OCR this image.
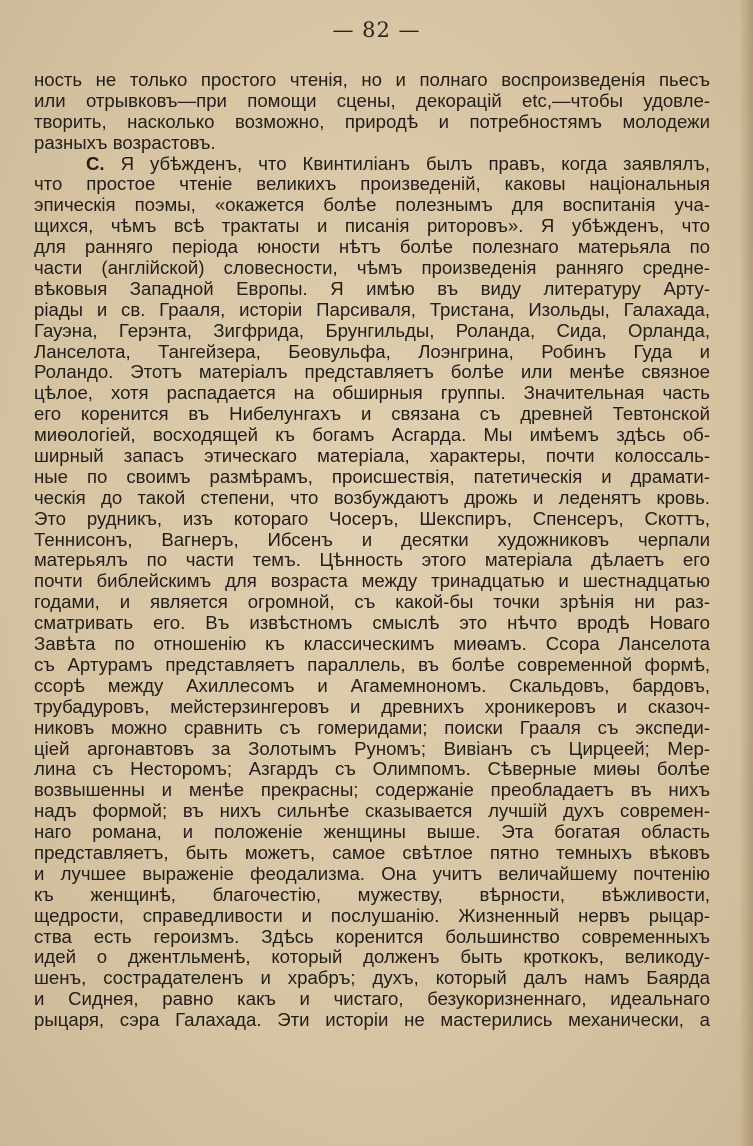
— 82 —
ность не только простого чтенія, но и полнаго воспроизведенія пьесъ
или отрывковъ—при помощи сцены, декорацій etc,—чтобы удовле-
творить, насколько возможно, природѣ и потребностямъ молодежи
разныхъ возрастовъ.
С. Я убѣжденъ, что Квинтиліанъ былъ правъ, когда заявлялъ,
что простое чтеніе великихъ произведеній, каковы національныя
эпическія поэмы, «окажется болѣе полезнымъ для воспитанія уча-
щихся, чѣмъ всѣ трактаты и писанія риторовъ». Я убѣжденъ, что
для ранняго періода юности нѣтъ болѣе полезнаго матерьяла по
части (англійской) словесности, чѣмъ произведенія ранняго средне-
вѣковыя Западной Европы. Я имѣю въ виду литературу Арту-
ріады и св. Грааля, исторіи Парсиваля, Тристана, Изольды, Галахада,
Гауэна, Герэнта, Зигфрида, Брунгильды, Роланда, Сида, Орланда,
Ланселота, Тангейзера, Беовульфа, Лоэнгрина, Робинъ Гуда и
Роландо. Этотъ матеріалъ представляетъ болѣе или менѣе связное
цѣлое, хотя распадается на обширныя группы. Значительная часть
его коренится въ Нибелунгахъ и связана съ древней Тевтонской
миѳологіей, восходящей къ богамъ Асгарда. Мы имѣемъ здѣсь об-
ширный запасъ этическаго матеріала, характеры, почти колоссаль-
ные по своимъ размѣрамъ, происшествія, патетическія и драмати-
ческія до такой степени, что возбуждаютъ дрожь и леденятъ кровь.
Это рудникъ, изъ котораго Чосеръ, Шекспиръ, Спенсеръ, Скоттъ,
Теннисонъ, Вагнеръ, Ибсенъ и десятки художниковъ черпали
матерьялъ по части темъ. Цѣнность этого матеріала дѣлаетъ его
почти библейскимъ для возраста между тринадцатью и шестнадцатью
годами, и является огромной, съ какой-бы точки зрѣнія ни раз-
сматривать его. Въ извѣстномъ смыслѣ это нѣчто вродѣ Новаго
Завѣта по отношенію къ классическимъ миѳамъ. Ссора Ланселота
съ Артурамъ представляетъ параллель, въ болѣе современной формѣ,
ссорѣ между Ахиллесомъ и Агамемнономъ. Скальдовъ, бардовъ,
трубадуровъ, мейстерзингеровъ и древнихъ хроникеровъ и сказоч-
никовъ можно сравнить съ гомеридами; поиски Грааля съ экспеди-
ціей аргонавтовъ за Золотымъ Руномъ; Вивіанъ съ Цирцеей; Мер-
лина съ Несторомъ; Азгардъ съ Олимпомъ. Сѣверные миѳы болѣе
возвышенны и менѣе прекрасны; содержаніе преобладаетъ въ нихъ
надъ формой; въ нихъ сильнѣе сказывается лучшій духъ современ-
наго романа, и положеніе женщины выше. Эта богатая область
представляетъ, быть можетъ, самое свѣтлое пятно темныхъ вѣковъ
и лучшее выраженіе феодализма. Она учитъ величайшему почтенію
къ женщинѣ, благочестію, мужеству, вѣрности, вѣжливости,
щедрости, справедливости и послушанію. Жизненный нервъ рыцар-
ства есть героизмъ. Здѣсь коренится большинство современныхъ
идей о джентльменѣ, который долженъ быть кроткокъ, великоду-
шенъ, сострадателенъ и храбръ; духъ, который далъ намъ Баярда
и Сиднея, равно какъ и чистаго, безукоризненнаго, идеальнаго
рыцаря, сэра Галахада. Эти исторіи не мастерились механически, а
